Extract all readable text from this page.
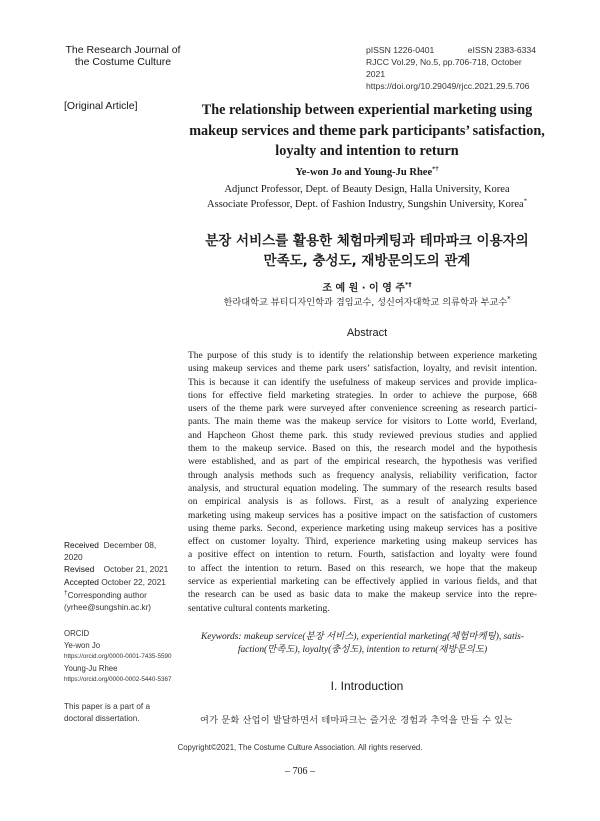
The Research Journal of
the Costume Culture
pISSN 1226-0401	eISSN 2383-6334
RJCC Vol.29, No.5, pp.706-718, October 2021
https://doi.org/10.29049/rjcc.2021.29.5.706
[Original Article]	The relationship between experiential marketing using
makeup services and theme park participants’ satisfaction,
loyalty and intention to return
Ye-won Jo and Young-Ju Rhee*†
Adjunct Professor, Dept. of Beauty Design, Halla University, Korea
Associate Professor, Dept. of Fashion Industry, Sungshin University, Korea*
분장 서비스를 활용한 체험마케팅과 테마파크 이용자의
만족도, 충성도, 재방문의도의 관계
조 예 원 · 이 영 주*†
한라대학교 뷰티디자인학과 겸임교수, 성신여자대학교 의류학과 부교수*
Abstract
The purpose of this study is to identify the relationship between experience marketing
using makeup services and theme park users’ satisfaction, loyalty, and revisit intention.
This is because it can identify the usefulness of makeup services and provide implica-
tions for effective field marketing strategies. In order to achieve the purpose, 668
users of the theme park were surveyed after convenience screening as research partici-
pants. The main theme was the makeup service for visitors to Lotte world, Everland,
and Hapcheon Ghost theme park. this study reviewed previous studies and applied
them to the makeup service. Based on this, the research model and the hypothesis
were established, and as part of the empirical research, the hypothesis was verified
through analysis methods such as frequency analysis, reliability verification, factor
analysis, and structural equation modeling. The summary of the research results based
on empirical analysis is as follows. First, as a result of analyzing experience
marketing using makeup services has a positive impact on the satisfaction of customers
using theme parks. Second, experience marketing using makeup services has a positive
effect on customer loyalty. Third, experience marketing using makeup services has
a positive effect on intention to return. Fourth, satisfaction and loyalty were found
to affect the intention to return. Based on this research, we hope that the makeup
service as experiential marketing can be effectively applied in various fields, and that
the research can be used as basic data to make the makeup service into the repre-
sentative cultural contents marketing.
Keywords: makeup service(분장 서비스), experiential marketing(체험마케팅), satis-
faction(만족도), loyalty(충성도), intention to return(재방문의도)
I. Introduction
여가 문화 산업이 발달하면서 테마파크는 즐거운 경험과 추억을 만들 수 있는
Received December 08, 2020
Revised October 21, 2021
Accepted October 22, 2021
†Corresponding author
(yrhee@sungshin.ac.kr)
ORCID
Ye-won Jo
https://orcid.org/0000-0001-7435-5590
Young-Ju Rhee
https://orcid.org/0000-0002-5440-5367
This paper is a part of a
doctoral dissertation.
Copyright©2021, The Costume Culture Association. All rights reserved.
– 706 –
